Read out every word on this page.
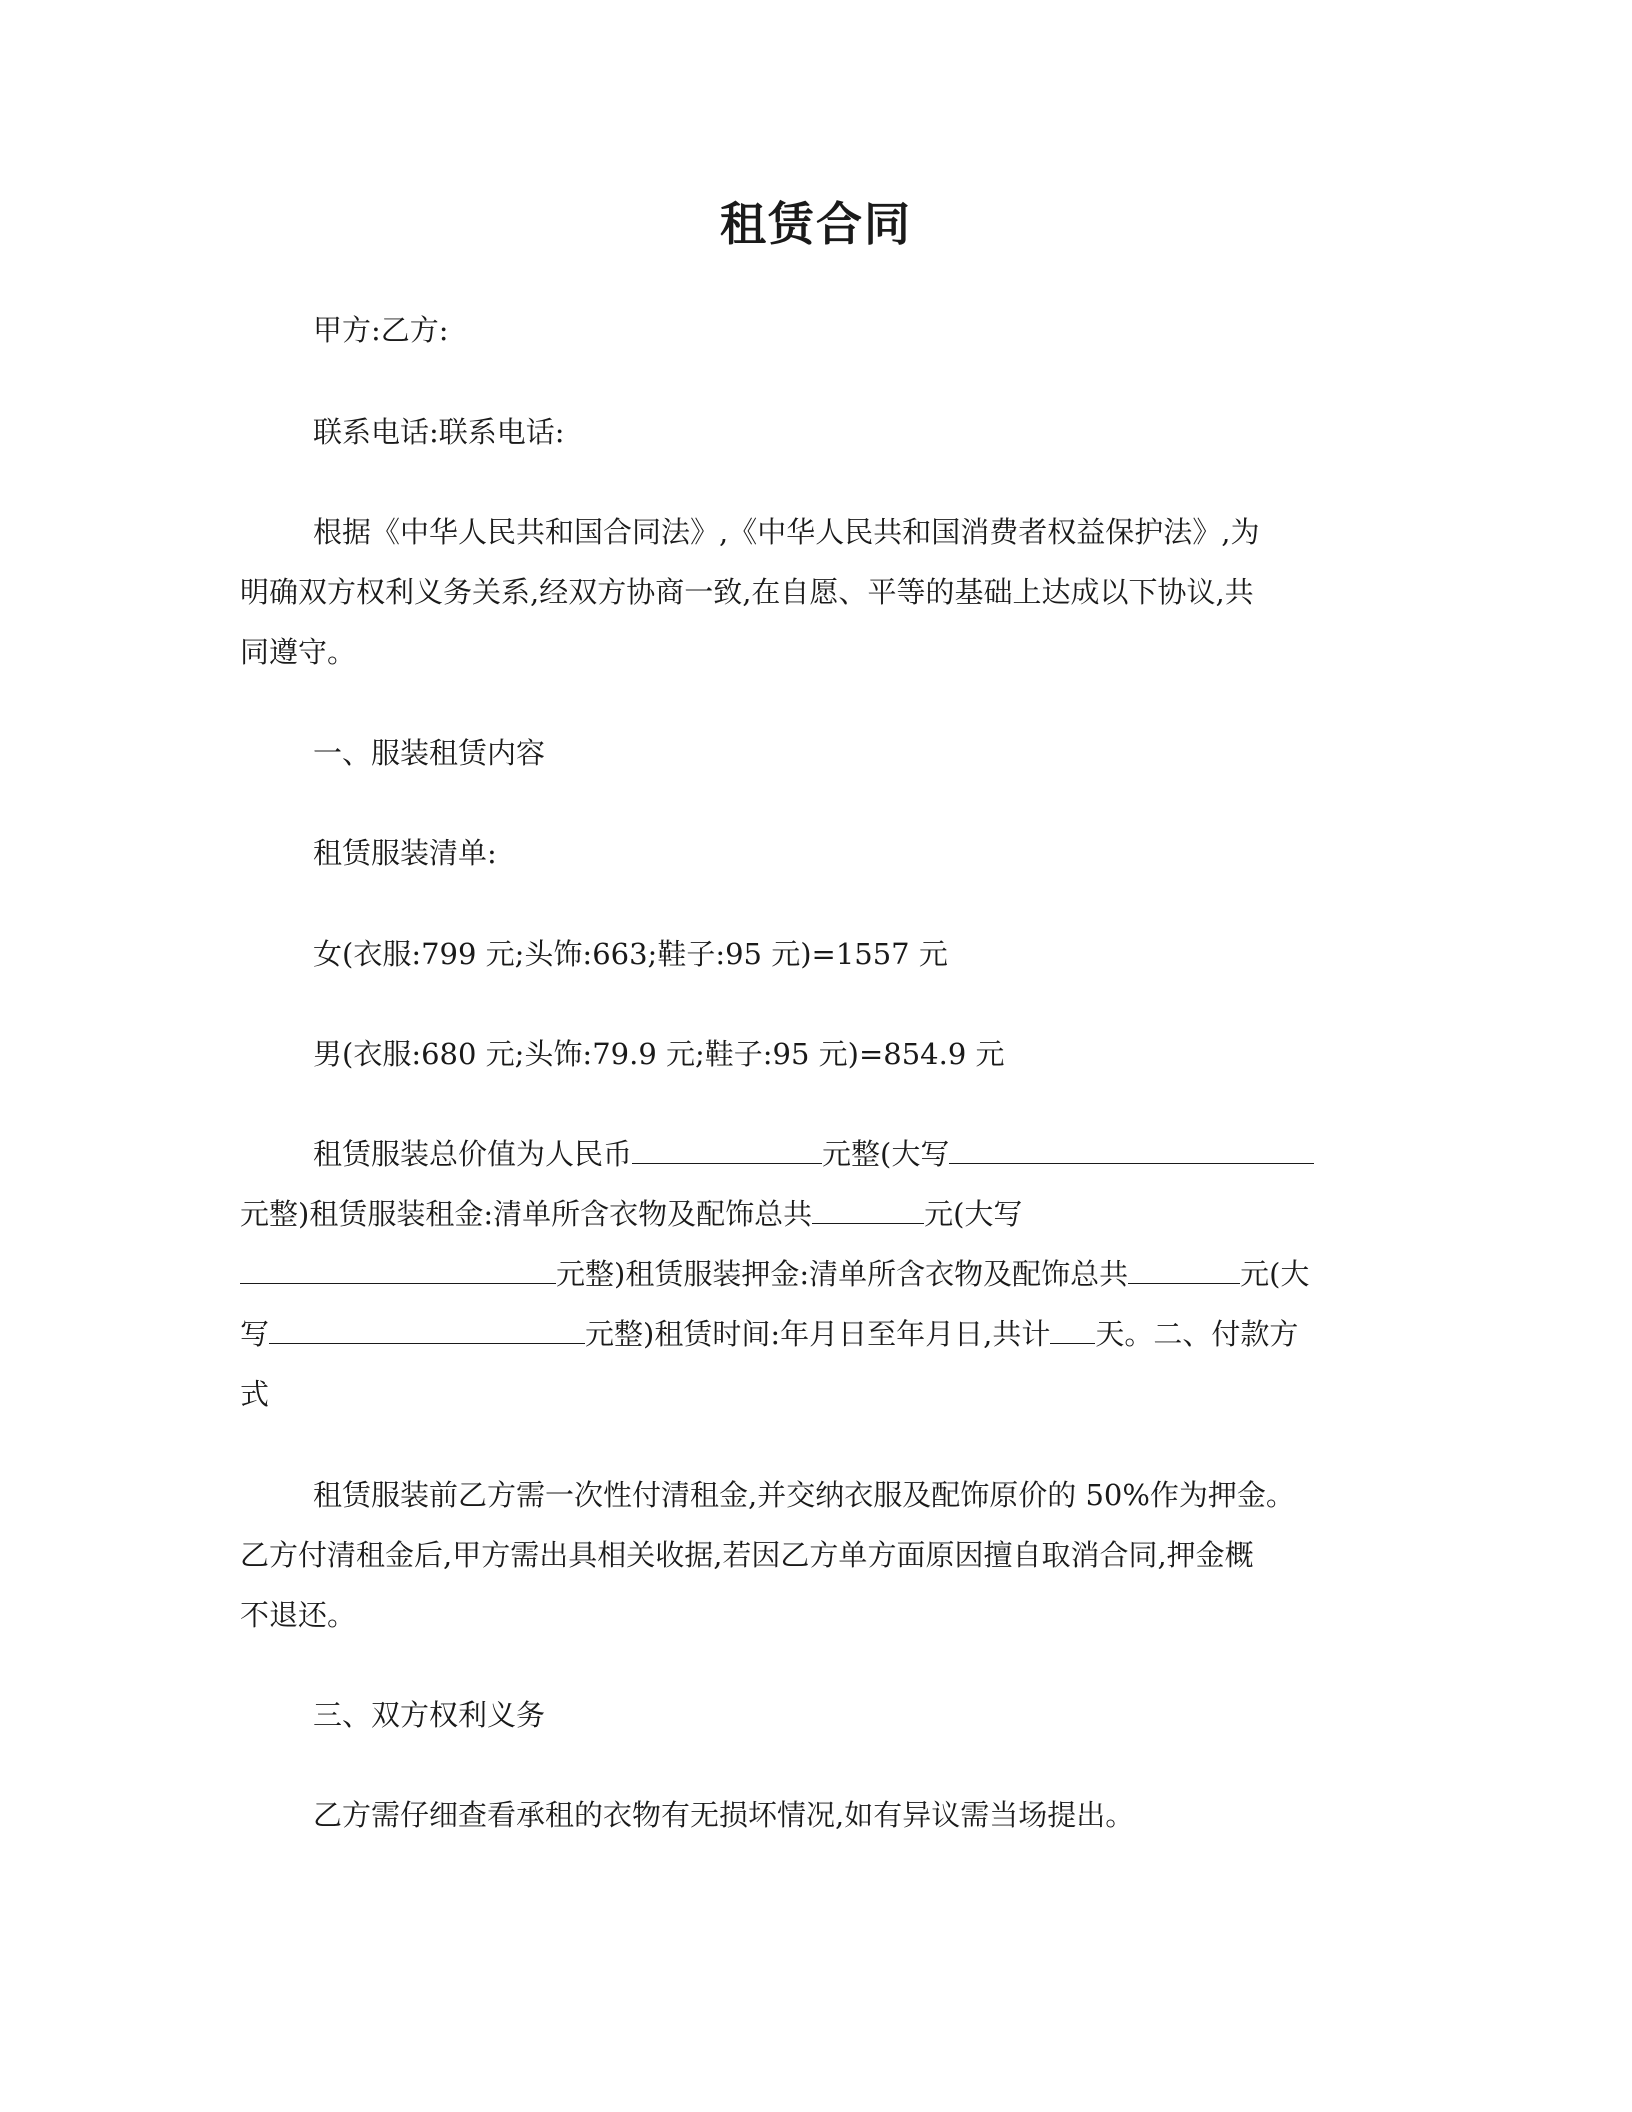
租赁合同
甲方:乙方:
联系电话:联系电话:
根据《中华人民共和国合同法》,《中华人民共和国消费者权益保护法》,为
明确双方权利义务关系,经双方协商一致,在自愿、平等的基础上达成以下协议,共
同遵守。
一、服装租赁内容
租赁服装清单:
女(衣服:799 元;头饰:663;鞋子:95 元)=1557 元
男(衣服:680 元;头饰:79.9 元;鞋子:95 元)=854.9 元
租赁服装总价值为人民币	元整(大写
元整)租赁服装租金:清单所含衣物及配饰总共	元(大写
元整)租赁服装押金:清单所含衣物及配饰总共	元(大
写	元整)租赁时间:年月日至年月日,共计 天。二、付款方
式
租赁服装前乙方需一次性付清租金,并交纳衣服及配饰原价的 50%作为押金。
乙方付清租金后,甲方需出具相关收据,若因乙方单方面原因擅自取消合同,押金概
不退还。
三、双方权利义务
乙方需仔细查看承租的衣物有无损坏情况,如有异议需当场提出。
